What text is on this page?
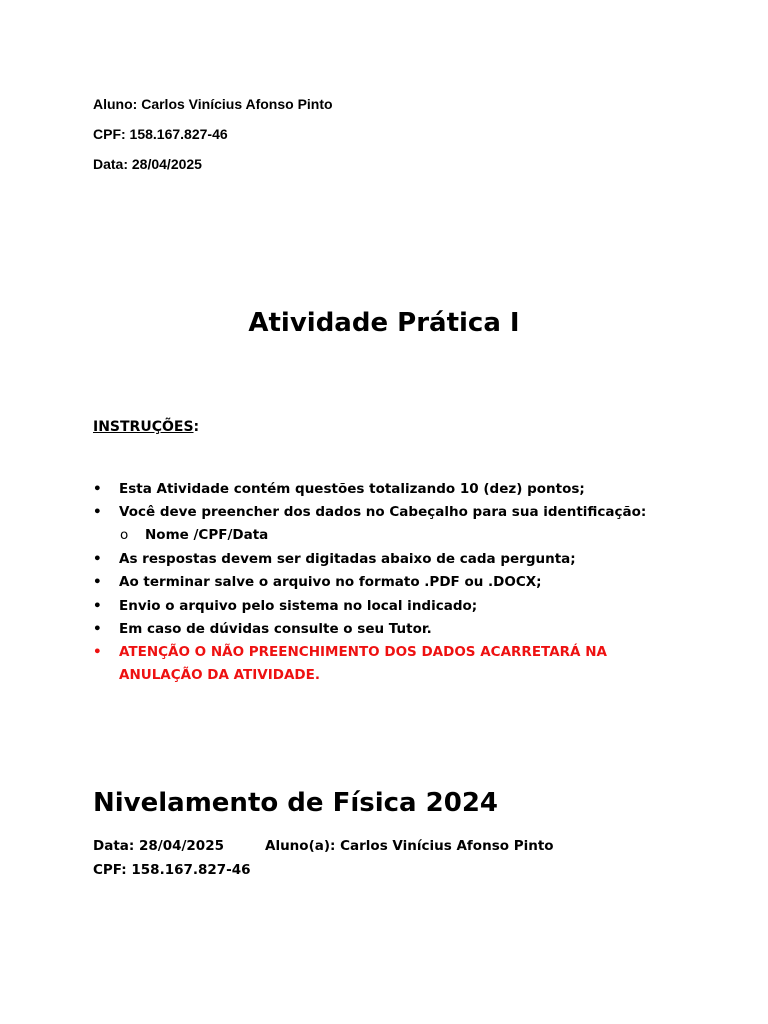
Aluno: Carlos Vinícius Afonso Pinto
CPF: 158.167.827-46
Data: 28/04/2025
Atividade Prática I
INSTRUÇÕES:
•	Esta Atividade contém questões totalizando 10 (dez) pontos;
•	Você deve preencher dos dados no Cabeçalho para sua identificação:
o	Nome /CPF/Data
•	As respostas devem ser digitadas abaixo de cada pergunta;
•	Ao terminar salve o arquivo no formato .PDF ou .DOCX;
•	Envio o arquivo pelo sistema no local indicado;
•	Em caso de dúvidas consulte o seu Tutor.
•	ATENÇÃO O NÃO PREENCHIMENTO DOS DADOS ACARRETARÁ NA ANULAÇÃO DA ATIVIDADE.
Nivelamento de Física 2024
Data: 28/04/2025	Aluno(a): Carlos Vinícius Afonso Pinto
CPF: 158.167.827-46
